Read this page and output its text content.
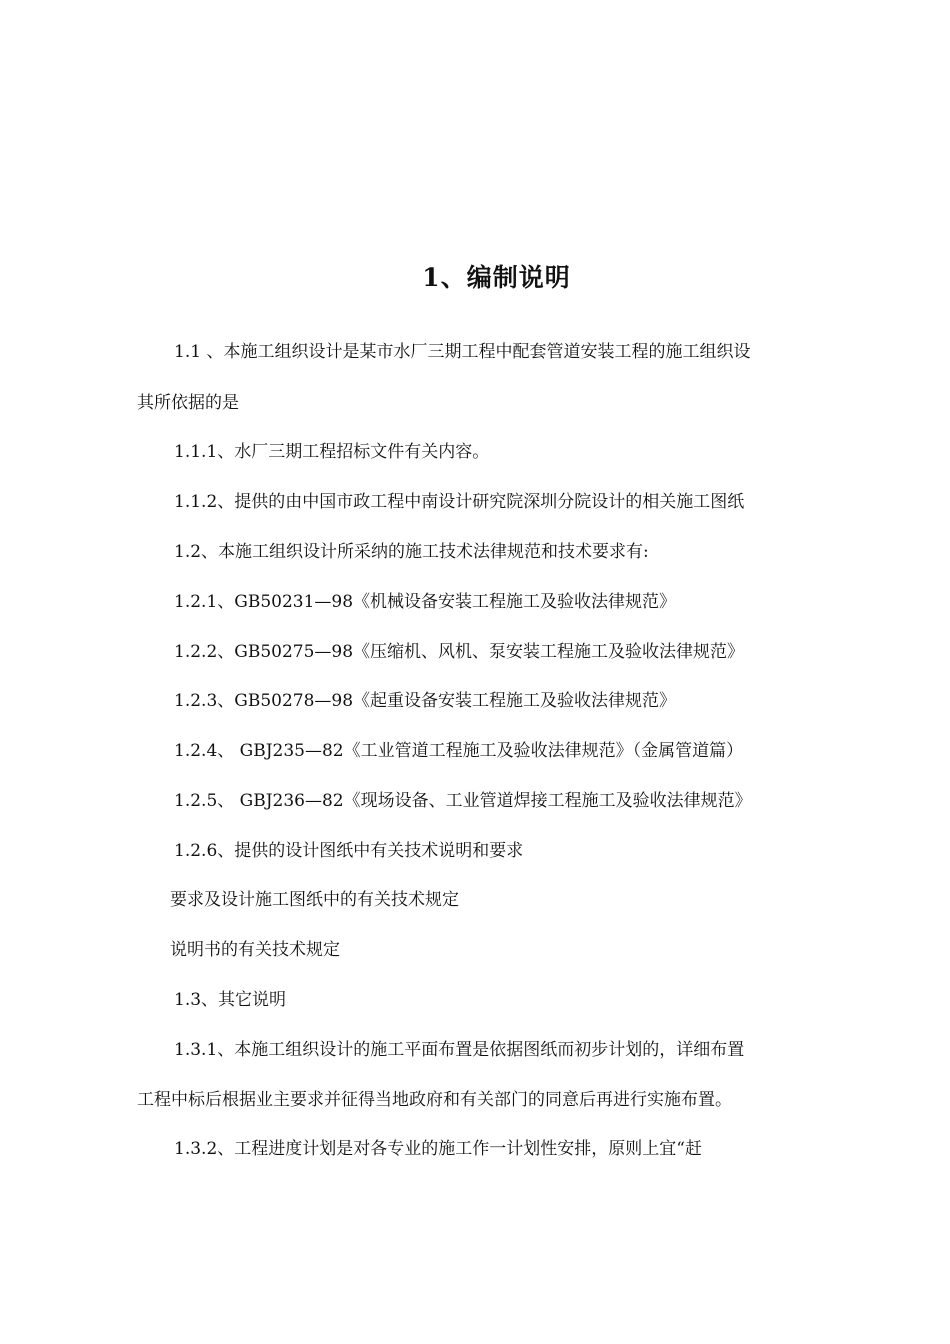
1、编制说明
1.1 、本施工组织设计是某市水厂三期工程中配套管道安装工程的施工组织设
其所依据的是
1.1.1、水厂三期工程招标文件有关内容。
1.1.2、提供的由中国市政工程中南设计研究院深圳分院设计的相关施工图纸
1.2、本施工组织设计所采纳的施工技术法律规范和技术要求有:
1.2.1、GB50231—98《机械设备安装工程施工及验收法律规范》
1.2.2、GB50275—98《压缩机、风机、泵安装工程施工及验收法律规范》
1.2.3、GB50278—98《起重设备安装工程施工及验收法律规范》
1.2.4、 GBJ235—82《工业管道工程施工及验收法律规范》（金属管道篇）
1.2.5、 GBJ236—82《现场设备、工业管道焊接工程施工及验收法律规范》
1.2.6、提供的设计图纸中有关技术说明和要求
要求及设计施工图纸中的有关技术规定
说明书的有关技术规定
1.3、其它说明
1.3.1、本施工组织设计的施工平面布置是依据图纸而初步计划的，详细布置
工程中标后根据业主要求并征得当地政府和有关部门的同意后再进行实施布置。
1.3.2、工程进度计划是对各专业的施工作一计划性安排，原则上宜“赶
